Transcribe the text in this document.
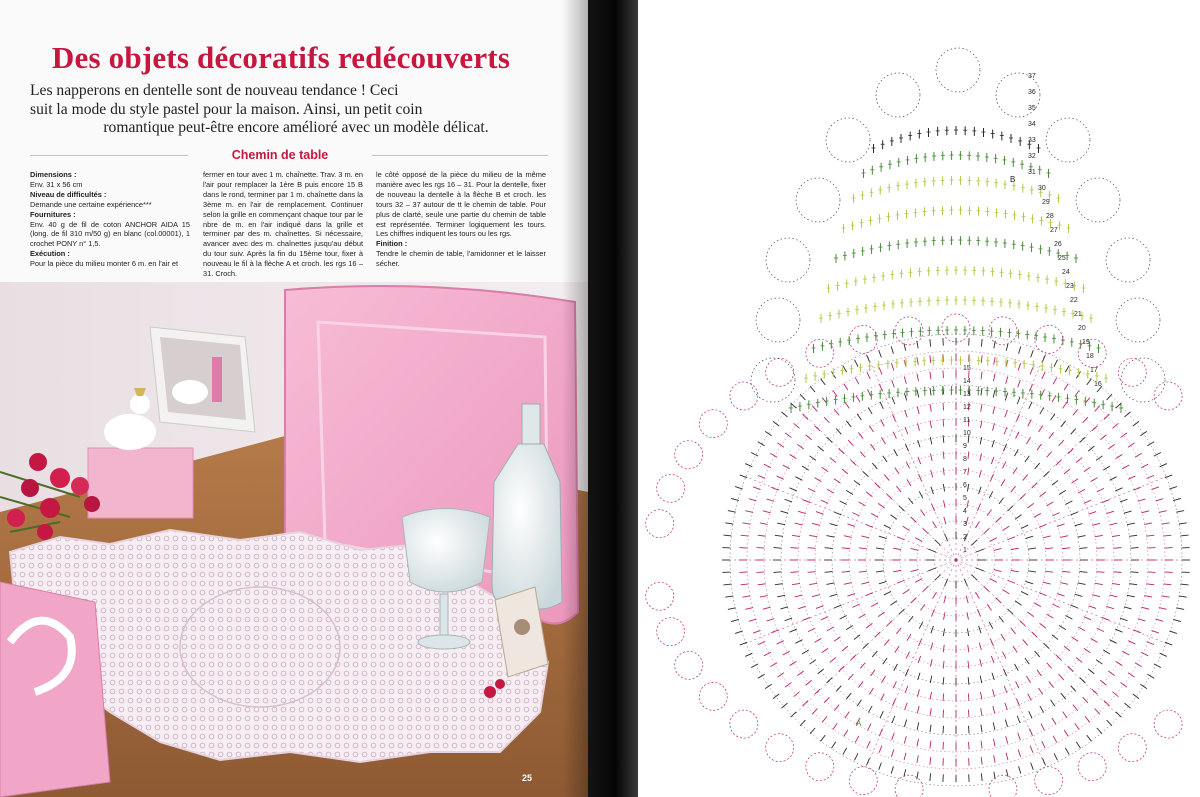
Des objets décoratifs redécouverts
Les napperons en dentelle sont de nouveau tendance ! Ceci
suit la mode du style pastel pour la maison. Ainsi, un petit coin
romantique peut-être encore amélioré avec un modèle délicat.
Chemin de table

Dimensions :

Env. 31 x 56 cm

Niveau de difficultés :

Demande une certaine expérience***

Fournitures :

Env. 40 g de fil de coton ANCHOR AIDA 15 (long. de fil 310 m/50 g) en blanc (col.00001), 1 crochet PONY n° 1,5.

Exécution :

Pour la pièce du milieu monter 6 m. en l'air et

fermer en tour avec 1 m. chaînette. Trav. 3 m. en l'air pour remplacer la 1ère B puis encore 15 B dans le rond, terminer par 1 m. chaînette dans la 3ème m. en l'air de remplacement. Continuer selon la grille en commençant chaque tour par le nbre de m. en l'air indiqué dans la grille et terminer par des m. chaînettes. Si nécessaire, avancer avec des m. chaînettes jusqu'au début du tour suiv. Après la fin du 15ème tour, fixer à nouveau le fil à la flèche A et croch. les rgs 16 – 31. Croch.

le côté opposé de la pièce du milieu de la même manière avec les rgs 16 – 31. Pour la dentelle, fixer de nouveau la dentelle à la flèche B et croch. les tours 32 – 37 autour de tt le chemin de table. Pour plus de clarté, seule une partie du chemin de table est représentée. Terminer logiquement les tours. Les chiffres indiquent les tours ou les rgs.

Finition :

Tendre le chemin de table, l'amidonner et le laisser sécher.

25
37
36
35
34
33
32
31
30
29
28
27
26
25
24
23
22
21
20
19
18
17
16
15
14
13
12
11
10
9
8
7
6
5
4
3
2
1
A
B
